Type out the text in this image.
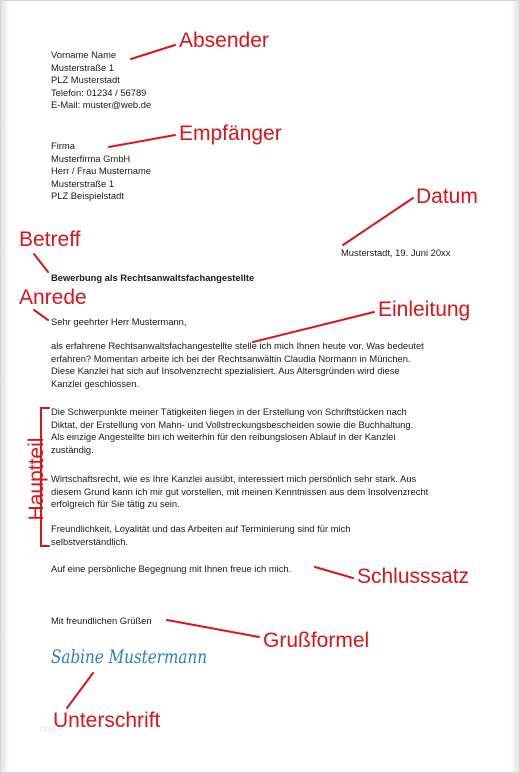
Vorname Name
Musterstraße 1
PLZ Musterstadt
Telefon: 01234 / 56789
E-Mail: muster@web.de
Firma
Musterfirma GmbH
Herr / Frau Mustername
Musterstraße 1
PLZ Beispielstadt

Musterstadt, 19. Juni 20xx

Bewerbung als Rechtsanwaltsfachangestellte

Sehr geehrter Herr Mustermann,

als erfahrene Rechtsanwaltsfachangestellte stelle ich mich Ihnen heute vor. Was bedeutet
erfahren? Momentan arbeite ich bei der Rechtsanwältin Claudia Normann in München.
Diese Kanzlei hat sich auf Insolvenzrecht spezialisiert. Aus Altersgründen wird diese
Kanzlei geschlossen.
Die Schwerpunkte meiner Tätigkeiten liegen in der Erstellung von Schriftstücken nach
Diktat, der Erstellung von Mahn- und Vollstreckungsbescheiden sowie die Buchhaltung.
Als einzige Angestellte bin ich weiterhin für den reibungslosen Ablauf in der Kanzlei
zuständig.
Wirtschaftsrecht, wie es Ihre Kanzlei ausübt, interessiert mich persönlich sehr stark. Aus
diesem Grund kann ich mir gut vorstellen, mit meinen Kenntnissen aus dem Insolvenzrecht
erfolgreich für Sie tätig zu sein.
Freundlichkeit, Loyalität und das Arbeiten auf Terminierung sind für mich
selbstverständlich.

Auf eine persönliche Begegnung mit Ihnen freue ich mich.

Mit freundlichen Grüßen

bbw

Absender

Empfänger

Datum

Betreff

Anrede

Einleitung

Hauptteil

Schlusssatz

Grußformel

Unterschrift

Sabine Mustermann
